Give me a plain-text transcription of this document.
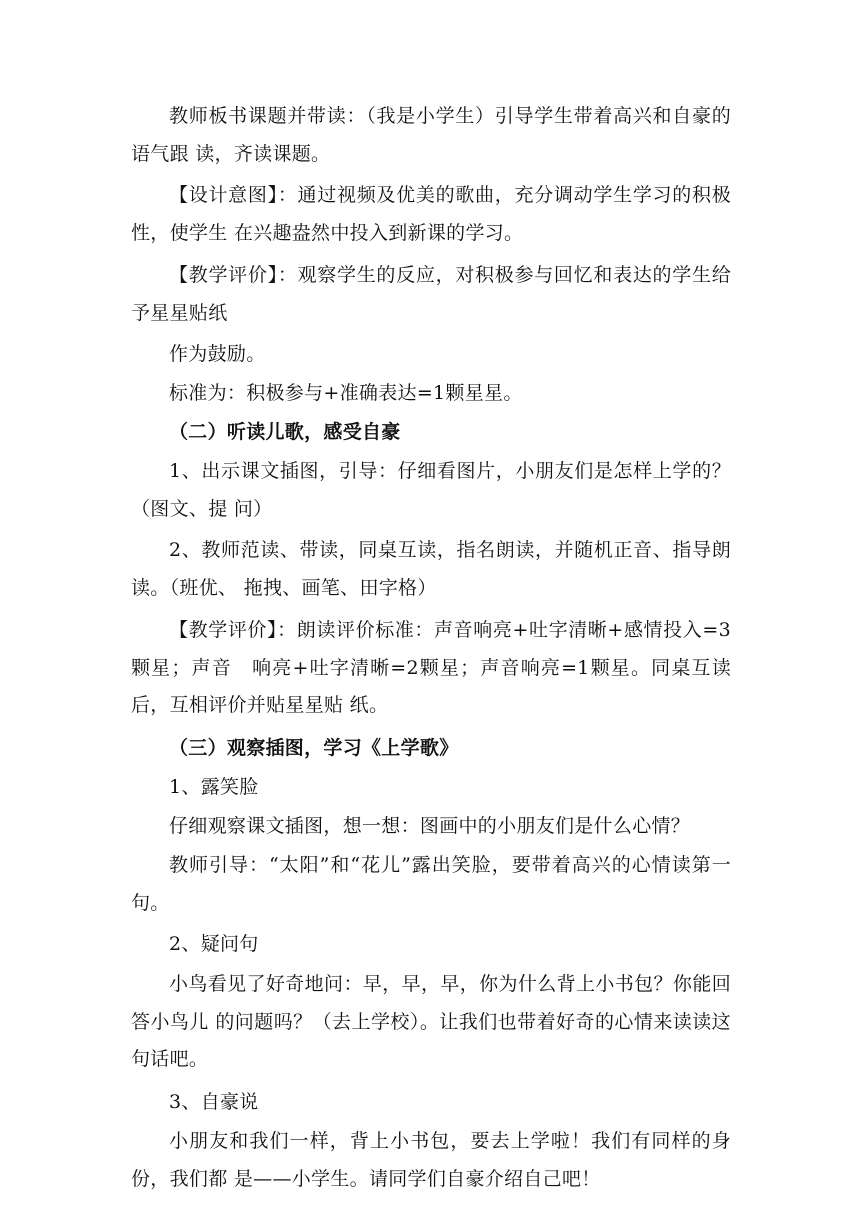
教师板书课题并带读：（我是小学生）引导学生带着高兴和自豪的语气跟 读，齐读课题。

【设计意图】：通过视频及优美的歌曲，充分调动学生学习的积极性，使学生 在兴趣盎然中投入到新课的学习。

【教学评价】：观察学生的反应，对积极参与回忆和表达的学生给予星星贴纸

作为鼓励。

标准为：积极参与+准确表达=1颗星星。

（二）听读儿歌，感受自豪

1、出示课文插图，引导：仔细看图片，小朋友们是怎样上学的？（图文、提 问）

2、教师范读、带读，同桌互读，指名朗读，并随机正音、指导朗读。（班优、 拖拽、画笔、田字格）

【教学评价】：朗读评价标准：声音响亮+吐字清晰+感情投入=3颗星；声音　响亮+吐字清晰=2颗星；声音响亮=1颗星。同桌互读后，互相评价并贴星星贴 纸。

（三）观察插图，学习《上学歌》

1、露笑脸

仔细观察课文插图，想一想：图画中的小朋友们是什么心情？

教师引导：“太阳”和“花儿”露出笑脸，要带着高兴的心情读第一句。

2、疑问句

小鸟看见了好奇地问：早，早，早，你为什么背上小书包？你能回答小鸟儿 的问题吗？（去上学校）。让我们也带着好奇的心情来读读这句话吧。

3、自豪说

小朋友和我们一样，背上小书包，要去上学啦！我们有同样的身份，我们都 是——小学生。请同学们自豪介绍自己吧！
